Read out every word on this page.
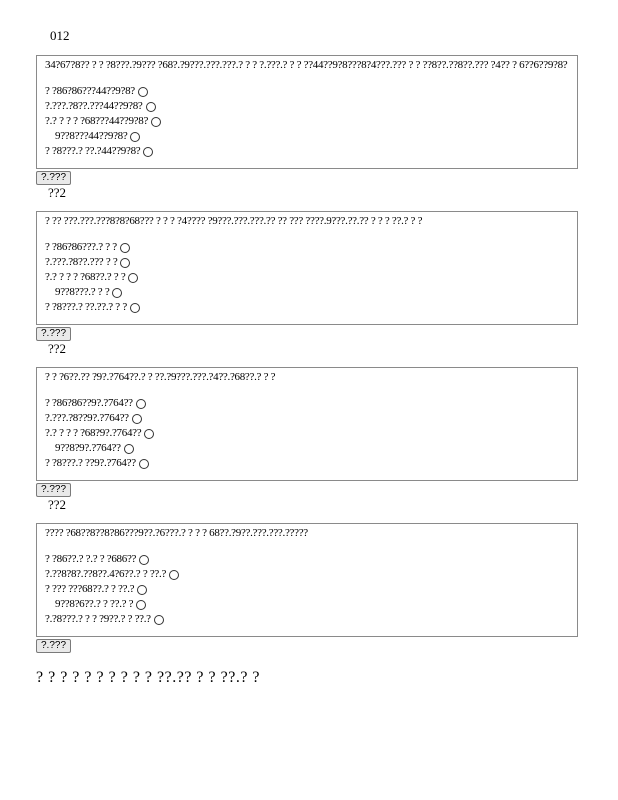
012
34?67?8?? ? ? ?8???.?9??? ?68?.?9???.???.???.? ? ? ?.???.? ? ? ??44??9?8???8?4???.??? ? ? ??8??.??8??.??? ?4?? ? 6??6??9?8?
? ?86?86???44??9?8?
?.???.?8??.???44??9?8?
?.? ? ? ? ?68???44??9?8?
9??8???44??9?8?
? ?8???.? ??.?44??9?8?
?.???
??2
? ?? ???.???.???8?8?68??? ? ? ? ?4???? ?9???.???.???.?? ?? ??? ????.9???.??.?? ? ? ? ??.? ? ?
? ?86?86???.? ? ?
?.???.?8??.??? ? ?
?.? ? ? ? ?68??.? ? ?
9??8???.? ? ?
? ?8???.? ??.??.? ? ?
?.???
??2
? ? ?6??.?? ?9?.?764??.? ? ??.?9???.???.?4??.?68??.? ? ?
? ?86?86??9?.?764??
?.???.?8??9?.?764??
?.? ? ? ? ?68?9?.?764??
9??8?9?.?764??
? ?8???.? ??9?.?764??
?.???
??2
???? ?68??8??8?86???9??.?6???.? ? ? ? 68??.?9??.???.???.?????
? ?86??.? ?.? ? ?686??
?.??8?8?.??8??.4?6??.? ? ??.?
? ??? ???68??.? ? ??.?
9??8?6??.? ? ??.? ?
?.?8???.? ? ? ?9??.? ? ??.?
?.???
? ? ? ? ? ? ? ? ? ? ??.?? ? ? ??.? ?
